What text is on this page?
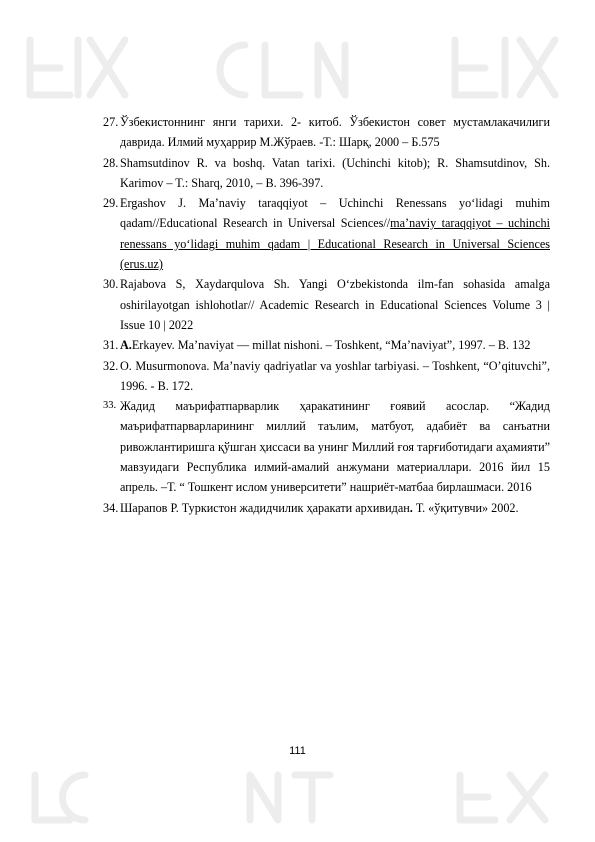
27. Ўзбекистоннинг янги тарихи. 2- китоб. Ўзбекистон совет мустамлакачилиги даврида. Илмий муҳаррир М.Жўраев. -Т.: Шарқ, 2000 – Б.575
28. Shamsutdinov R. va boshq. Vatan tarixi. (Uchinchi kitob); R. Shamsutdinov, Sh. Karimov – T.: Sharq, 2010, – B. 396-397.
29. Ergashov J. Ma’naviy taraqqiyot – Uchinchi Renessans yo‘lidagi muhim qadam//Educational Research in Universal Sciences//ma’naviy taraqqiyot – uchinchi renessans yo‘lidagi muhim qadam | Educational Research in Universal Sciences (erus.uz)
30. Rajabova S, Xaydarqulova Sh. Yangi O‘zbekistonda ilm-fan sohasida amalga oshirilayotgan ishlohotlar// Academic Research in Educational Sciences Volume 3 | Issue 10 | 2022
31. A.Erkayev. Ma’naviyat — millat nishoni. – Toshkent, “Ma’naviyat”, 1997. – B. 132
32. O. Musurmonova. Ma’naviy qadriyatlar va yoshlar tarbiyasi. – Toshkent, “O’qituvchi”, 1996. - B. 172.
33. Жадид маърифатпарварлик ҳаракатининг ғоявий асослар. “Жадид маърифатпарварларининг миллий таълим, матбуот, адабиёт ва санъатни ривожлантиришга қўшган ҳиссаси ва унинг Миллий ғоя тарғиботидаги аҳамияти” мавзуидаги Республика илмий-амалий анжумани материаллари. 2016 йил 15 апрель. –Т. “ Тошкент ислом университети” нашриёт-матбаа бирлашмаси. 2016
34. Шарапов Р. Туркистон жадидчилик ҳаракати архивидан. Т. «ўқитувчи» 2002.
111
